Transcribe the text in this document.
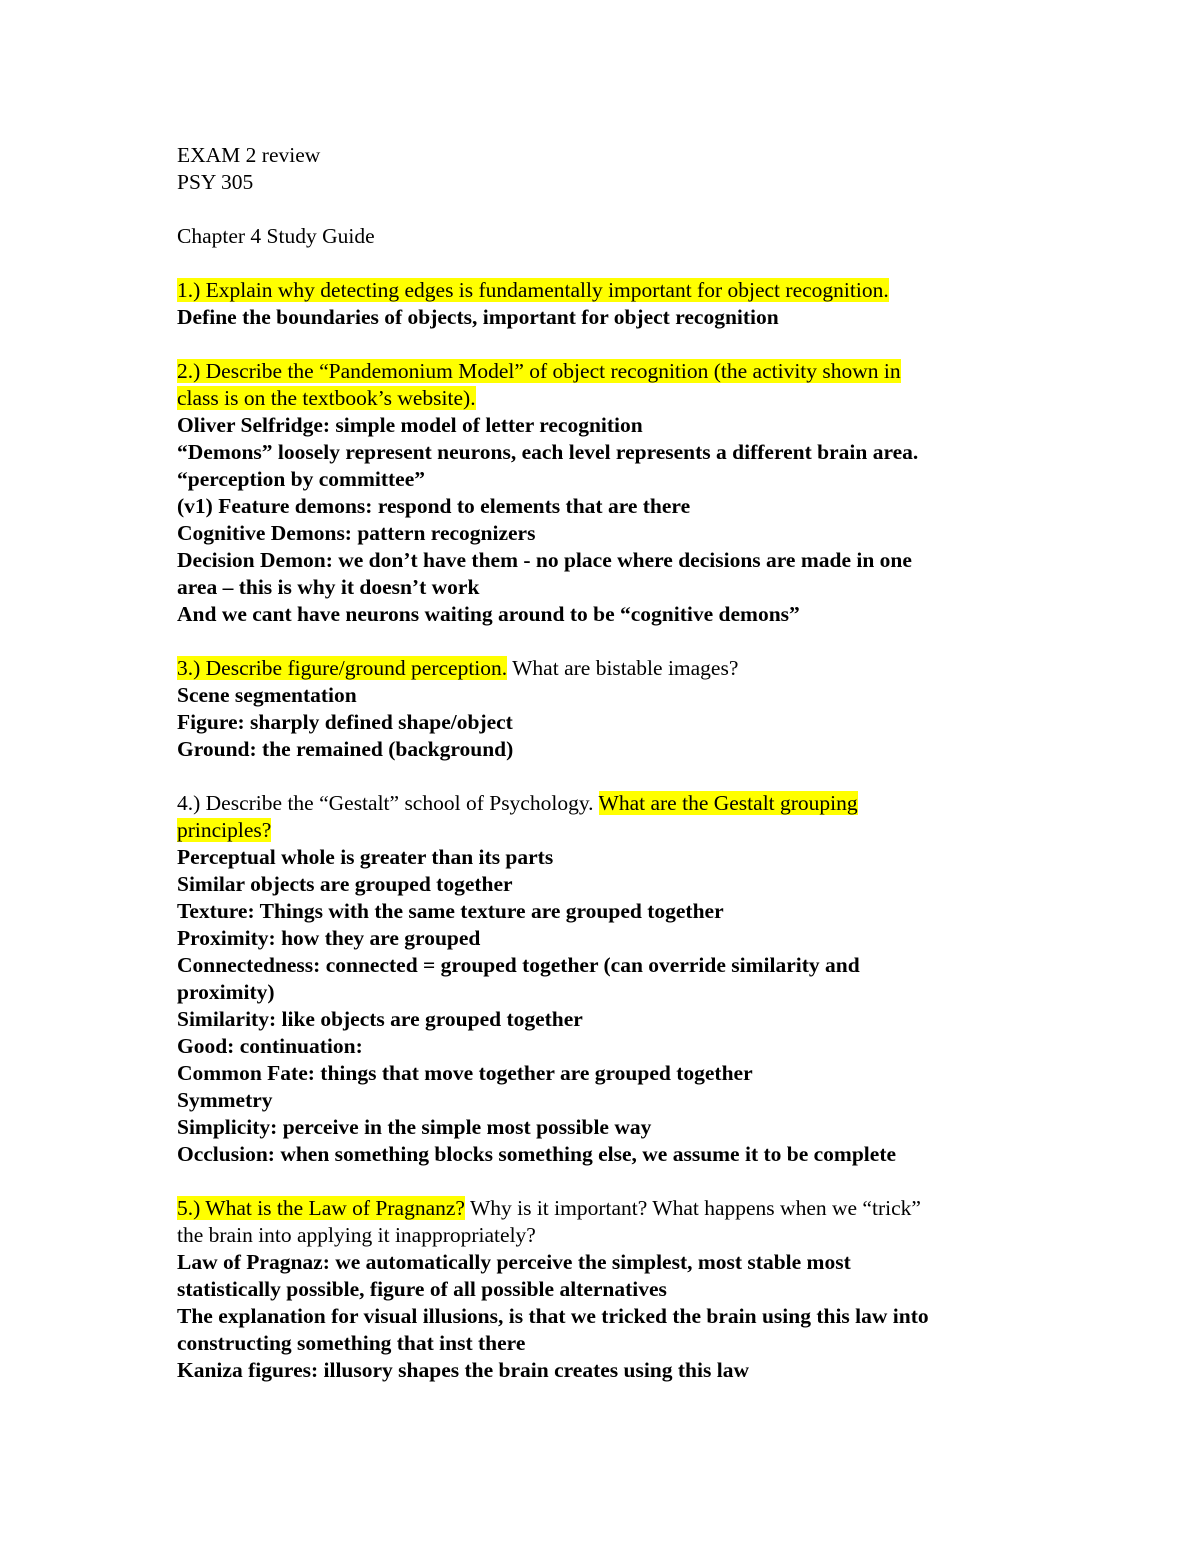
EXAM 2 review
PSY 305
Chapter 4 Study Guide
1.) Explain why detecting edges is fundamentally important for object recognition.
Define the boundaries of objects, important for object recognition
2.) Describe the “Pandemonium Model” of object recognition (the activity shown in
class is on the textbook’s website).
Oliver Selfridge: simple model of letter recognition
“Demons” loosely represent neurons, each level represents a different brain area.
“perception by committee”
(v1) Feature demons: respond to elements that are there
Cognitive Demons: pattern recognizers
Decision Demon: we don’t have them - no place where decisions are made in one
area – this is why it doesn’t work
And we cant have neurons waiting around to be “cognitive demons”
3.) Describe figure/ground perception. What are bistable images?
Scene segmentation
Figure: sharply defined shape/object
Ground: the remained (background)
4.) Describe the “Gestalt” school of Psychology. What are the Gestalt grouping
principles?
Perceptual whole is greater than its parts
Similar objects are grouped together
Texture: Things with the same texture are grouped together
Proximity: how they are grouped
Connectedness: connected = grouped together (can override similarity and
proximity)
Similarity: like objects are grouped together
Good: continuation:
Common Fate: things that move together are grouped together
Symmetry
Simplicity: perceive in the simple most possible way
Occlusion: when something blocks something else, we assume it to be complete
5.) What is the Law of Pragnanz? Why is it important? What happens when we “trick”
the brain into applying it inappropriately?
Law of Pragnaz: we automatically perceive the simplest, most stable most
statistically possible, figure of all possible alternatives
The explanation for visual illusions, is that we tricked the brain using this law into
constructing something that inst there
Kaniza figures: illusory shapes the brain creates using this law
